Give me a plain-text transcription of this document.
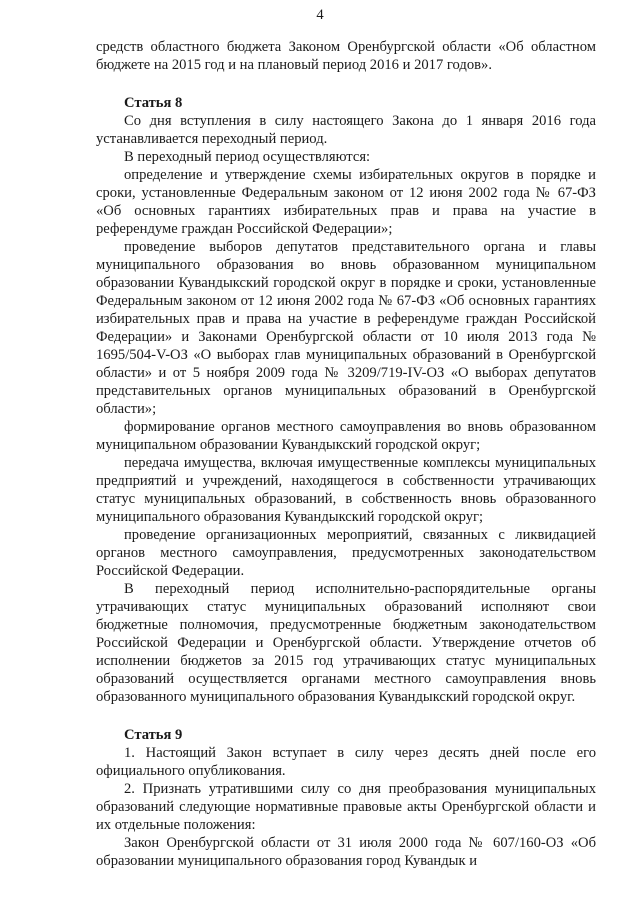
4

средств областного бюджета Законом Оренбургской области «Об областном бюджете на 2015 год и на плановый период 2016 и 2017 годов».

Статья 8

Со дня вступления в силу настоящего Закона до 1 января 2016 года устанавливается переходный период.

В переходный период осуществляются:

определение и утверждение схемы избирательных округов в порядке и сроки, установленные Федеральным законом от 12 июня 2002 года № 67-ФЗ «Об основных гарантиях избирательных прав и права на участие в референдуме граждан Российской Федерации»;

проведение выборов депутатов представительного органа и главы муниципального образования во вновь образованном муниципальном образовании Кувандыкский городской округ в порядке и сроки, установленные Федеральным законом от 12 июня 2002 года № 67-ФЗ «Об основных гарантиях избирательных прав и права на участие в референдуме граждан Российской Федерации» и Законами Оренбургской области от 10 июля 2013 года № 1695/504-V-ОЗ «О выборах глав муниципальных образований в Оренбургской области» и от 5 ноября 2009 года № 3209/719-IV-ОЗ «О выборах депутатов представительных органов муниципальных образований в Оренбургской области»;

формирование органов местного самоуправления во вновь образованном муниципальном образовании Кувандыкский городской округ;

передача имущества, включая имущественные комплексы муниципальных предприятий и учреждений, находящегося в собственности утрачивающих статус муниципальных образований, в собственность вновь образованного муниципального образования Кувандыкский городской округ;

проведение организационных мероприятий, связанных с ликвидацией органов местного самоуправления, предусмотренных законодательством Российской Федерации.

В переходный период исполнительно-распорядительные органы утрачивающих статус муниципальных образований исполняют свои бюджетные полномочия, предусмотренные бюджетным законодательством Российской Федерации и Оренбургской области. Утверждение отчетов об исполнении бюджетов за 2015 год утрачивающих статус муниципальных образований осуществляется органами местного самоуправления вновь образованного муниципального образования Кувандыкский городской округ.

Статья 9

1. Настоящий Закон вступает в силу через десять дней после его официального опубликования.

2. Признать утратившими силу со дня преобразования муниципальных образований следующие нормативные правовые акты Оренбургской области и их отдельные положения:

Закон Оренбургской области от 31 июля 2000 года № 607/160-ОЗ «Об образовании муниципального образования город Кувандык и
